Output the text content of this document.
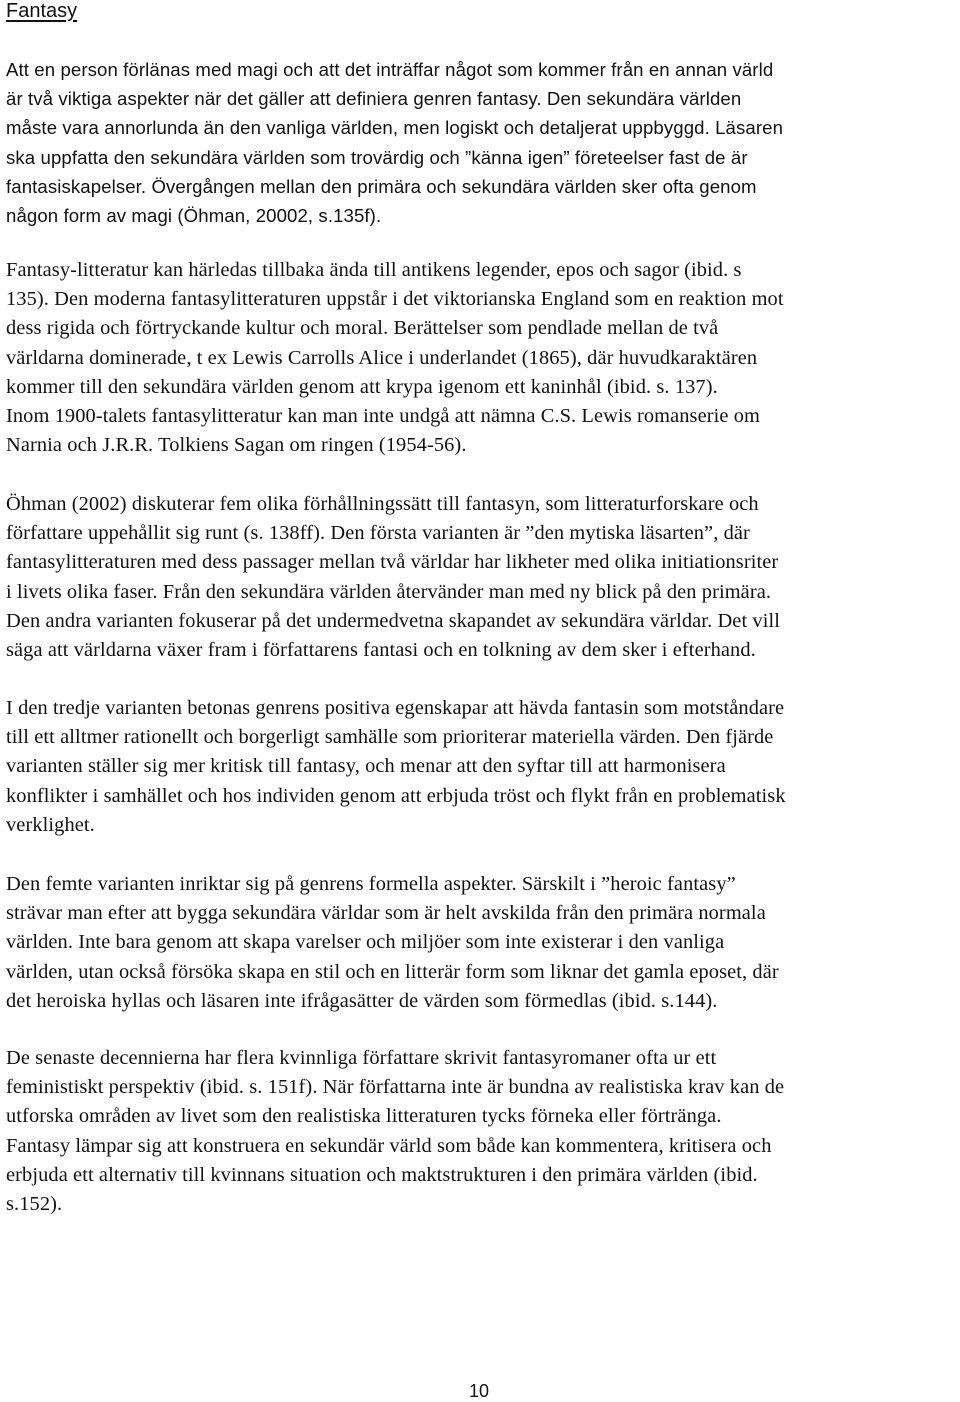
Fantasy

Att en person förlänas med magi och att det inträffar något som kommer från en annan värld
är två viktiga aspekter när det gäller att definiera genren fantasy. Den sekundära världen
måste vara annorlunda än den vanliga världen, men logiskt och detaljerat uppbyggd. Läsaren
ska uppfatta den sekundära världen som trovärdig och ”känna igen” företeelser fast de är
fantasiskapelser. Övergången mellan den primära och sekundära världen sker ofta genom
någon form av magi (Öhman, 20002, s.135f).

Fantasy-litteratur kan härledas tillbaka ända till antikens legender, epos och sagor (ibid. s
135). Den moderna fantasylitteraturen uppstår i det viktorianska England som en reaktion mot
dess rigida och förtryckande kultur och moral. Berättelser som pendlade mellan de två
världarna dominerade, t ex Lewis Carrolls Alice i underlandet (1865), där huvudkaraktären
kommer till den sekundära världen genom att krypa igenom ett kaninhål (ibid. s. 137).
Inom 1900-talets fantasylitteratur kan man inte undgå att nämna C.S. Lewis romanserie om
Narnia och J.R.R. Tolkiens Sagan om ringen (1954-56).

Öhman (2002) diskuterar fem olika förhållningssätt till fantasyn, som litteraturforskare och
författare uppehållit sig runt (s. 138ff). Den första varianten är ”den mytiska läsarten”, där
fantasylitteraturen med dess passager mellan två världar har likheter med olika initiationsriter
i livets olika faser. Från den sekundära världen återvänder man med ny blick på den primära.
Den andra varianten fokuserar på det undermedvetna skapandet av sekundära världar. Det vill
säga att världarna växer fram i författarens fantasi och en tolkning av dem sker i efterhand.

I den tredje varianten betonas genrens positiva egenskapar att hävda fantasin som motståndare
till ett alltmer rationellt och borgerligt samhälle som prioriterar materiella värden. Den fjärde
varianten ställer sig mer kritisk till fantasy, och menar att den syftar till att harmonisera
konflikter i samhället och hos individen genom att erbjuda tröst och flykt från en problematisk
verklighet.

Den femte varianten inriktar sig på genrens formella aspekter. Särskilt i ”heroic fantasy”
strävar man efter att bygga sekundära världar som är helt avskilda från den primära normala
världen. Inte bara genom att skapa varelser och miljöer som inte existerar i den vanliga
världen, utan också försöka skapa en stil och en litterär form som liknar det gamla eposet, där
det heroiska hyllas och läsaren inte ifrågasätter de värden som förmedlas (ibid. s.144).

De senaste decennierna har flera kvinnliga författare skrivit fantasyromaner ofta ur ett
feministiskt perspektiv (ibid. s. 151f). När författarna inte är bundna av realistiska krav kan de
utforska områden av livet som den realistiska litteraturen tycks förneka eller förtränga.
Fantasy lämpar sig att konstruera en sekundär värld som både kan kommentera, kritisera och
erbjuda ett alternativ till kvinnans situation och maktstrukturen i den primära världen (ibid.
s.152).

10
